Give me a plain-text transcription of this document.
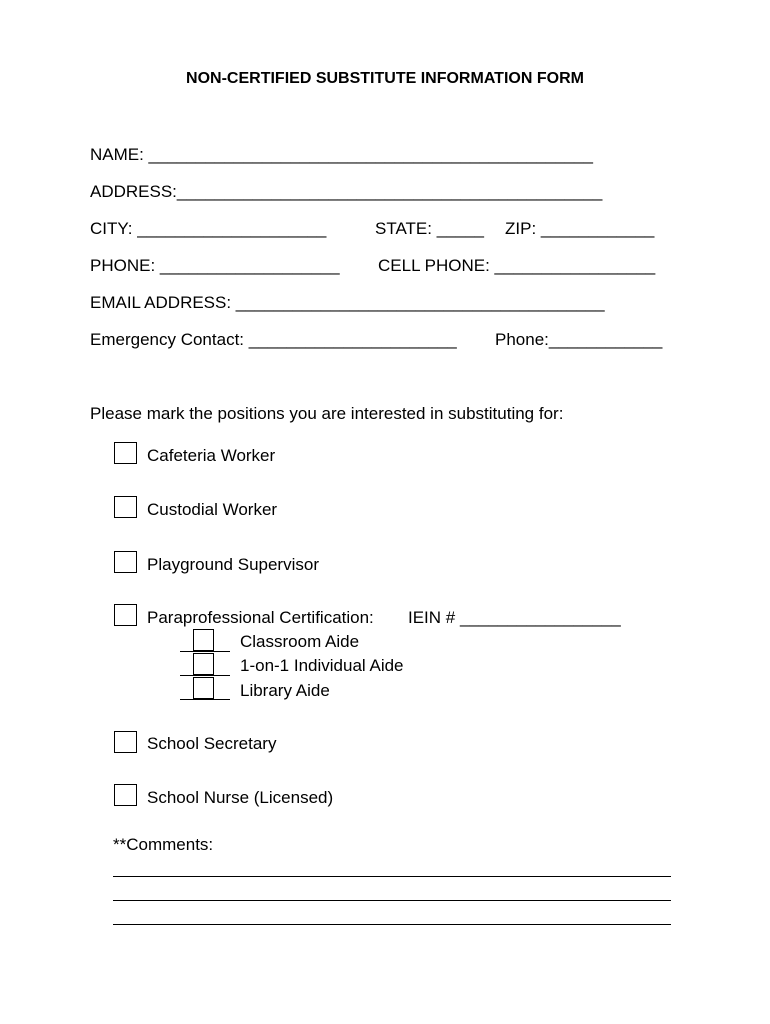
NON-CERTIFIED SUBSTITUTE INFORMATION FORM
NAME: _______________________________________________
ADDRESS:_____________________________________________
CITY: ____________________	STATE: _____ ZIP: ____________
PHONE: ___________________ CELL PHONE: _________________
EMAIL ADDRESS: _______________________________________
Emergency Contact: ______________________ Phone:____________
Please mark the positions you are interested in substituting for:
Cafeteria Worker
Custodial Worker
Playground Supervisor
Paraprofessional Certification: IEIN # _________________
Classroom Aide
1-on-1 Individual Aide
Library Aide
School Secretary
School Nurse (Licensed)
**Comments:
